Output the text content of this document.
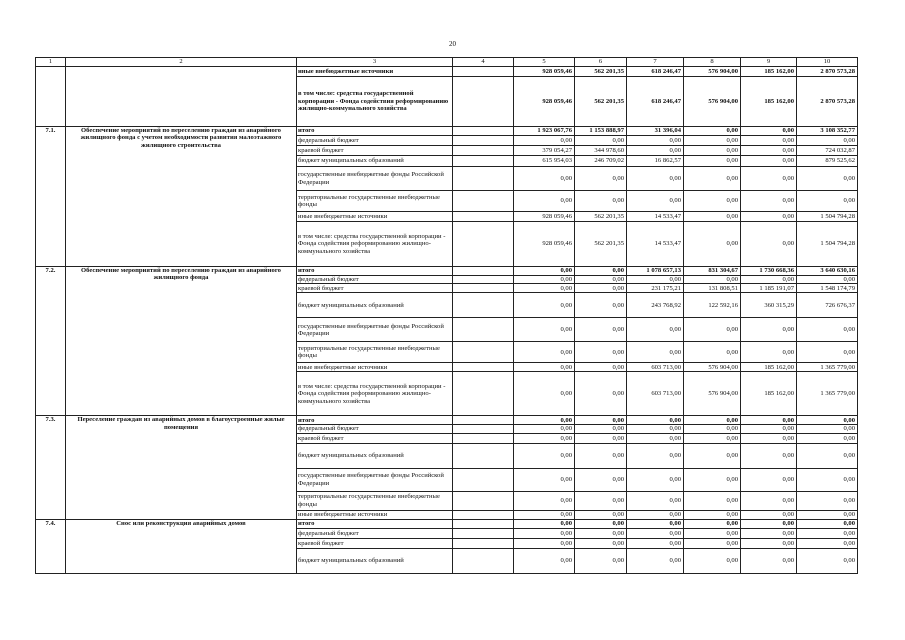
20
1	2	3	4	5	6	7	8	9	10
		иные внебюджетные источники		928 059,46	562 201,35	618 246,47	576 904,00	185 162,00	2 870 573,28
		в том числе: средства государственной корпорации - Фонда содействия реформированию жилищно-коммунального хозяйства		928 059,46	562 201,35	618 246,47	576 904,00	185 162,00	2 870 573,28
7.1.	Обеспечение мероприятий по переселению граждан из аварийного жилищного фонда с учетом необходимости развития малоэтажного жилищного строительства	итого		1 923 067,76	1 153 888,97	31 396,04	0,00	0,00	3 108 352,77
		федеральный бюджет		0,00	0,00	0,00	0,00	0,00	0,00
		краевой бюджет		379 054,27	344 978,60	0,00	0,00	0,00	724 032,87
		бюджет муниципальных образований		615 954,03	246 709,02	16 862,57	0,00	0,00	879 525,62
		государственные внебюджетные фонды Российской Федерации		0,00	0,00	0,00	0,00	0,00	0,00
		территориальные государственные внебюджетные фонды		0,00	0,00	0,00	0,00	0,00	0,00
		иные внебюджетные источники		928 059,46	562 201,35	14 533,47	0,00	0,00	1 504 794,28
		в том числе: средства государственной корпорации - Фонда содействия реформированию жилищно-коммунального хозяйства		928 059,46	562 201,35	14 533,47	0,00	0,00	1 504 794,28
7.2.	Обеспечение мероприятий по переселению граждан из аварийного жилищного фонда	итого		0,00	0,00	1 078 657,13	831 304,67	1 730 668,36	3 640 630,16
		федеральный бюджет		0,00	0,00	0,00	0,00	0,00	0,00
		краевой бюджет		0,00	0,00	231 175,21	131 808,51	1 185 191,07	1 548 174,79
		бюджет муниципальных образований		0,00	0,00	243 768,92	122 592,16	360 315,29	726 676,37
		государственные внебюджетные фонды Российской Федерации		0,00	0,00	0,00	0,00	0,00	0,00
		территориальные государственные внебюджетные фонды		0,00	0,00	0,00	0,00	0,00	0,00
		иные внебюджетные источники		0,00	0,00	603 713,00	576 904,00	185 162,00	1 365 779,00
		в том числе: средства государственной корпорации - Фонда содействия реформированию жилищно-коммунального хозяйства		0,00	0,00	603 713,00	576 904,00	185 162,00	1 365 779,00
7.3.	Переселение граждан из аварийных домов в благоустроенные жилые помещения	итого		0,00	0,00	0,00	0,00	0,00	0,00
		федеральный бюджет		0,00	0,00	0,00	0,00	0,00	0,00
		краевой бюджет		0,00	0,00	0,00	0,00	0,00	0,00
		бюджет муниципальных образований		0,00	0,00	0,00	0,00	0,00	0,00
		государственные внебюджетные фонды Российской Федерации		0,00	0,00	0,00	0,00	0,00	0,00
		территориальные государственные внебюджетные фонды		0,00	0,00	0,00	0,00	0,00	0,00
		иные внебюджетные источники		0,00	0,00	0,00	0,00	0,00	0,00
7.4.	Снос или реконструкция аварийных домов	итого		0,00	0,00	0,00	0,00	0,00	0,00
		федеральный бюджет		0,00	0,00	0,00	0,00	0,00	0,00
		краевой бюджет		0,00	0,00	0,00	0,00	0,00	0,00
		бюджет муниципальных образований		0,00	0,00	0,00	0,00	0,00	0,00
